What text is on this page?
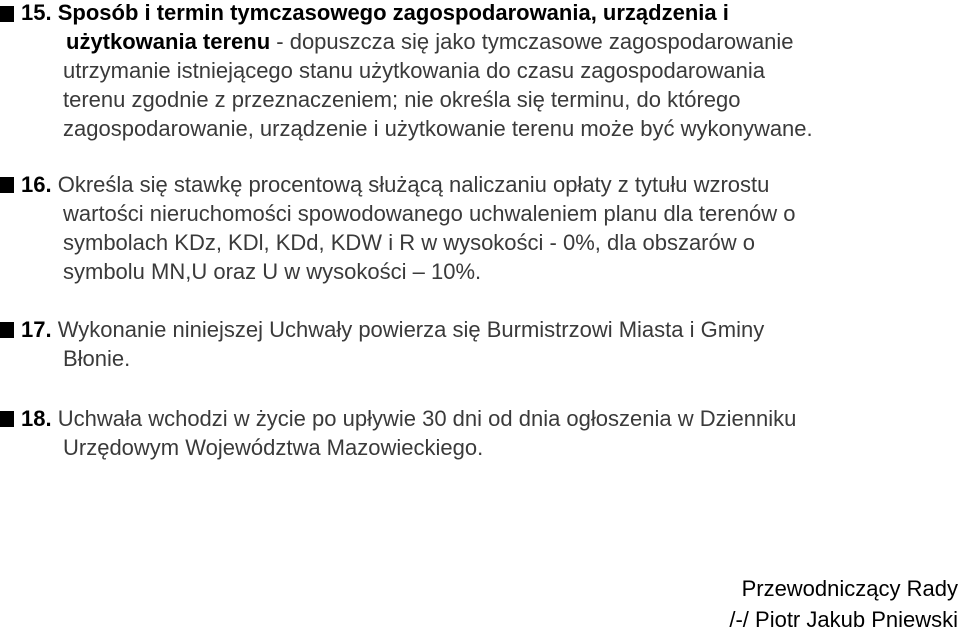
15. Sposób i termin tymczasowego zagospodarowania, urządzenia i
użytkowania terenu - dopuszcza się jako tymczasowe zagospodarowanie
utrzymanie istniejącego stanu użytkowania do czasu zagospodarowania
terenu zgodnie z przeznaczeniem; nie określa się terminu, do którego
zagospodarowanie, urządzenie i użytkowanie terenu może być wykonywane.
16. Określa się stawkę procentową służącą naliczaniu opłaty z tytułu wzrostu
wartości nieruchomości spowodowanego uchwaleniem planu dla terenów o
symbolach KDz, KDl, KDd, KDW i R w wysokości - 0%, dla obszarów o
symbolu MN,U oraz U w wysokości – 10%.
17. Wykonanie niniejszej Uchwały powierza się Burmistrzowi Miasta i Gminy
Błonie.
18. Uchwała wchodzi w życie po upływie 30 dni od dnia ogłoszenia w Dzienniku
Urzędowym Województwa Mazowieckiego.
Przewodniczący Rady
/-/ Piotr Jakub Pniewski
